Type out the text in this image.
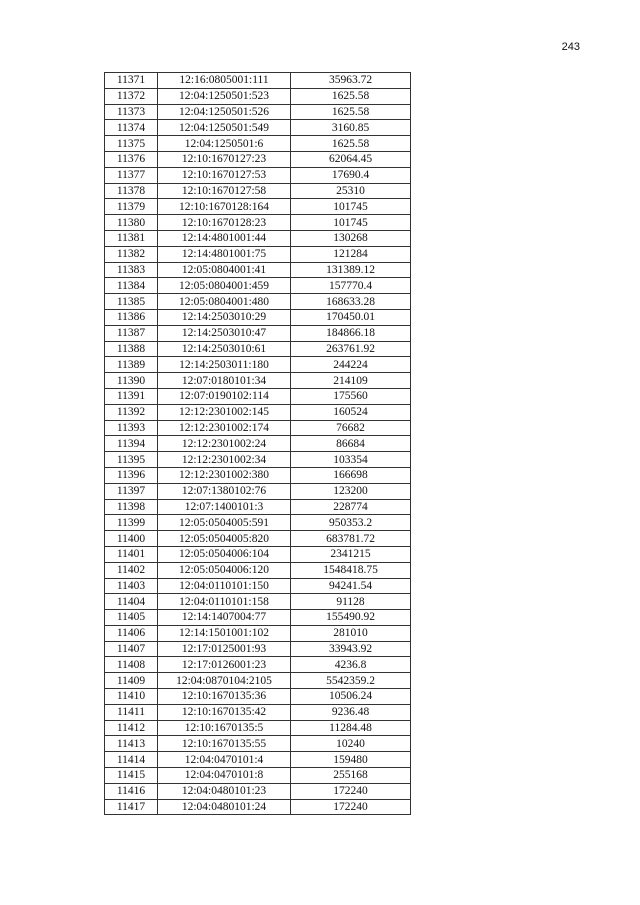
243
11371	12:16:0805001:111	35963.72
11372	12:04:1250501:523	1625.58
11373	12:04:1250501:526	1625.58
11374	12:04:1250501:549	3160.85
11375	12:04:1250501:6	1625.58
11376	12:10:1670127:23	62064.45
11377	12:10:1670127:53	17690.4
11378	12:10:1670127:58	25310
11379	12:10:1670128:164	101745
11380	12:10:1670128:23	101745
11381	12:14:4801001:44	130268
11382	12:14:4801001:75	121284
11383	12:05:0804001:41	131389.12
11384	12:05:0804001:459	157770.4
11385	12:05:0804001:480	168633.28
11386	12:14:2503010:29	170450.01
11387	12:14:2503010:47	184866.18
11388	12:14:2503010:61	263761.92
11389	12:14:2503011:180	244224
11390	12:07:0180101:34	214109
11391	12:07:0190102:114	175560
11392	12:12:2301002:145	160524
11393	12:12:2301002:174	76682
11394	12:12:2301002:24	86684
11395	12:12:2301002:34	103354
11396	12:12:2301002:380	166698
11397	12:07:1380102:76	123200
11398	12:07:1400101:3	228774
11399	12:05:0504005:591	950353.2
11400	12:05:0504005:820	683781.72
11401	12:05:0504006:104	2341215
11402	12:05:0504006:120	1548418.75
11403	12:04:0110101:150	94241.54
11404	12:04:0110101:158	91128
11405	12:14:1407004:77	155490.92
11406	12:14:1501001:102	281010
11407	12:17:0125001:93	33943.92
11408	12:17:0126001:23	4236.8
11409	12:04:0870104:2105	5542359.2
11410	12:10:1670135:36	10506.24
11411	12:10:1670135:42	9236.48
11412	12:10:1670135:5	11284.48
11413	12:10:1670135:55	10240
11414	12:04:0470101:4	159480
11415	12:04:0470101:8	255168
11416	12:04:0480101:23	172240
11417	12:04:0480101:24	172240
